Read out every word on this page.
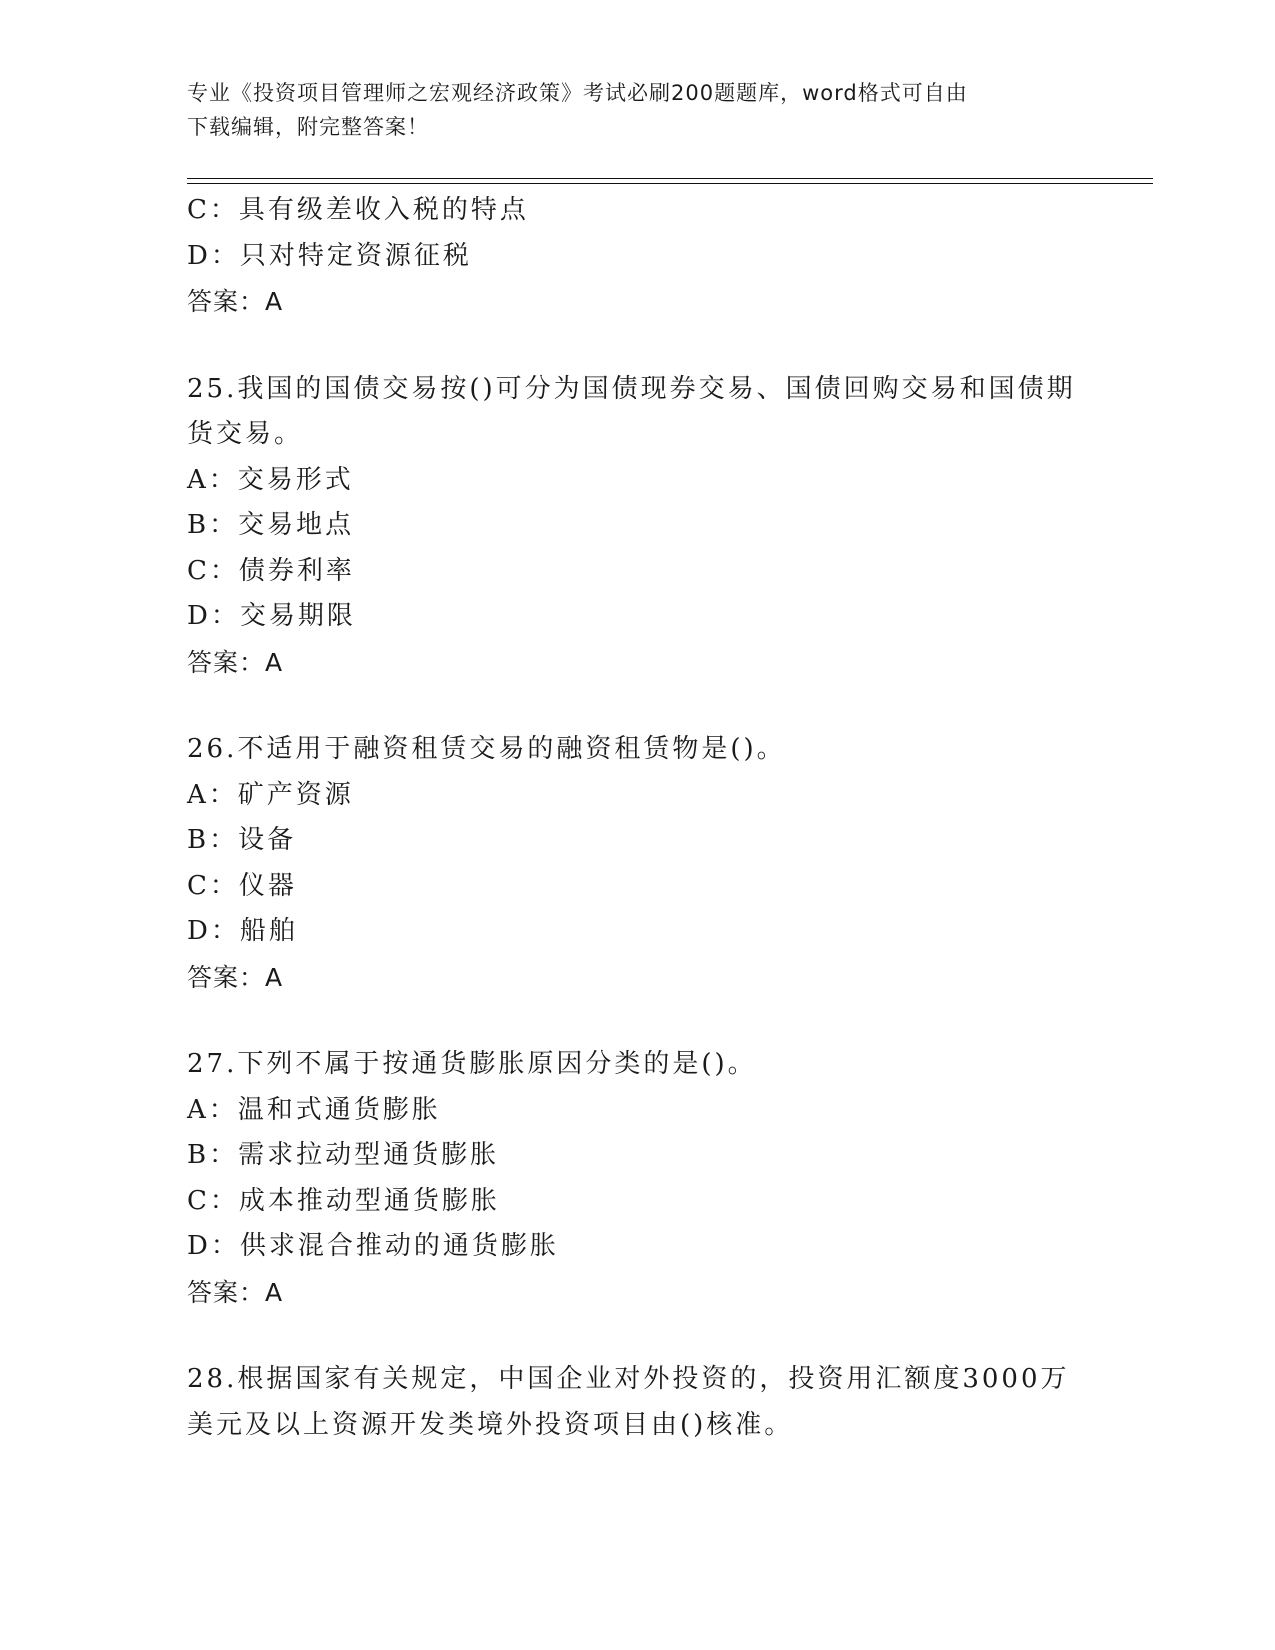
专业《投资项目管理师之宏观经济政策》考试必刷200题题库，word格式可自由
下载编辑，附完整答案！
C：具有级差收入税的特点
D：只对特定资源征税
答案：A
25.我国的国债交易按()可分为国债现券交易、国债回购交易和国债期
货交易。
A：交易形式
B：交易地点
C：债券利率
D：交易期限
答案：A
26.不适用于融资租赁交易的融资租赁物是()。
A：矿产资源
B：设备
C：仪器
D：船舶
答案：A
27.下列不属于按通货膨胀原因分类的是()。
A：温和式通货膨胀
B：需求拉动型通货膨胀
C：成本推动型通货膨胀
D：供求混合推动的通货膨胀
答案：A
28.根据国家有关规定，中国企业对外投资的，投资用汇额度3000万
美元及以上资源开发类境外投资项目由()核准。
